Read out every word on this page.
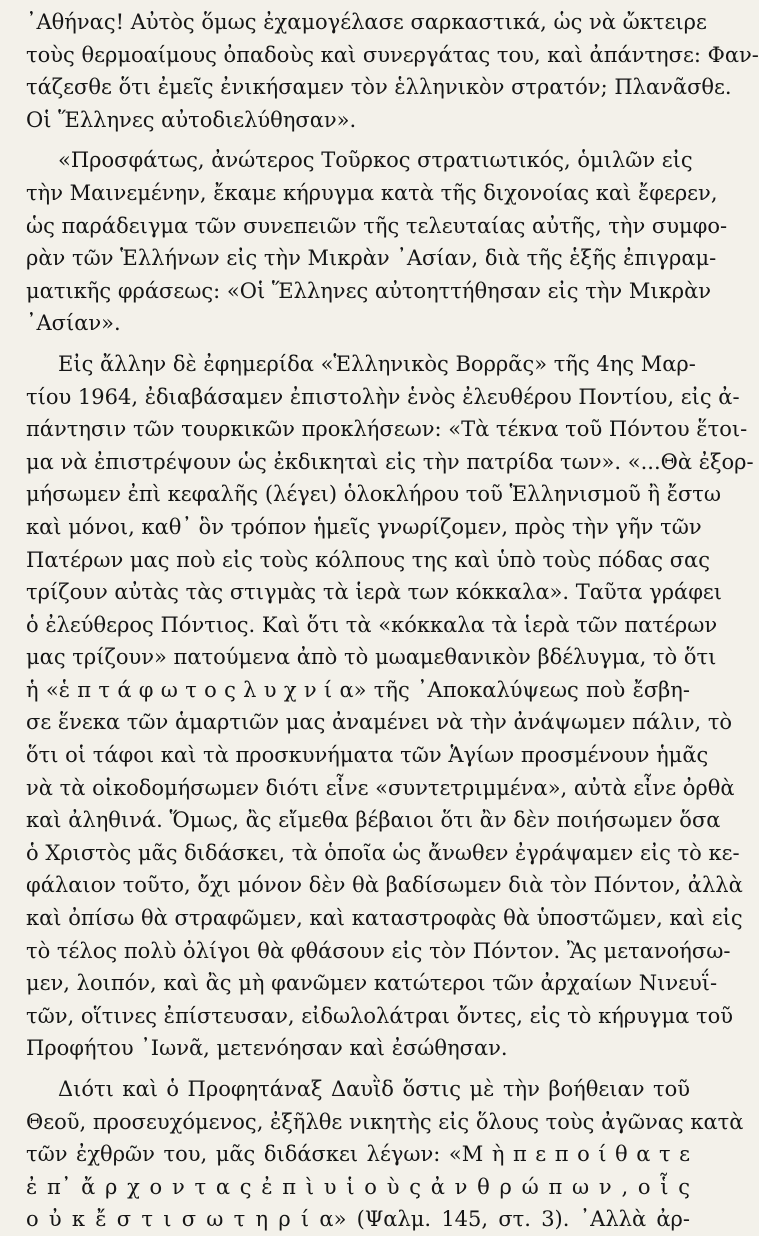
᾿Αθήνας! Αὐτὸς ὅμως ἐχαμογέλασε σαρκαστικά, ὡς νὰ ὤκτειρε
τοὺς θερμοαίμους ὀπαδοὺς καὶ συνεργάτας του, καὶ ἀπάντησε: Φαν-
τάζεσθε ὅτι ἐμεῖς ἐνικήσαμεν τὸν ἑλληνικὸν στρατόν; Πλανᾶσθε.
Οἱ Ἕλληνες αὐτοδιελύθησαν».
«Προσφάτως, ἀνώτερος Τοῦρκος στρατιωτικός, ὁμιλῶν εἰς
τὴν Μαινεμένην, ἔκαμε κήρυγμα κατὰ τῆς διχονοίας καὶ ἔφερεν,
ὡς παράδειγμα τῶν συνεπειῶν τῆς τελευταίας αὐτῆς, τὴν συμφο-
ρὰν τῶν Ἑλλήνων εἰς τὴν Μικρὰν ᾿Ασίαν, διὰ τῆς ἑξῆς ἐπιγραμ-
ματικῆς φράσεως: «Οἱ Ἕλληνες αὐτοηττήθησαν εἰς τὴν Μικρὰν
᾿Ασίαν».
Εἰς ἄλλην δὲ ἐφημερίδα «Ἑλληνικὸς Βορρᾶς» τῆς 4ης Μαρ-
τίου 1964, ἐδιαβάσαμεν ἐπιστολὴν ἑνὸς ἐλευθέρου Ποντίου, εἰς ἀ-
πάντησιν τῶν τουρκικῶν προκλήσεων: «Τὰ τέκνα τοῦ Πόντου ἕτοι-
μα νὰ ἐπιστρέψουν ὡς ἐκδικηταὶ εἰς τὴν πατρίδα των». «...Θὰ ἐξορ-
μήσωμεν ἐπὶ κεφαλῆς (λέγει) ὁλοκλήρου τοῦ Ἑλληνισμοῦ ἢ ἔστω
καὶ μόνοι, καθ᾿ ὃν τρόπον ἡμεῖς γνωρίζομεν, πρὸς τὴν γῆν τῶν
Πατέρων μας ποὺ εἰς τοὺς κόλπους της καὶ ὑπὸ τοὺς πόδας σας
τρίζουν αὐτὰς τὰς στιγμὰς τὰ ἱερὰ των κόκκαλα». Ταῦτα γράφει
ὁ ἐλεύθερος Πόντιος. Καὶ ὅτι τὰ «κόκκαλα τὰ ἱερὰ τῶν πατέρων
μας τρίζουν» πατούμενα ἀπὸ τὸ μωαμεθανικὸν βδέλυγμα, τὸ ὅτι
ἡ «ἑ π τ ά φ ω τ ο ς λ υ χ ν ί α» τῆς ᾿Αποκαλύψεως ποὺ ἔσβη-
σε ἕνεκα τῶν ἁμαρτιῶν μας ἀναμένει νὰ τὴν ἀνάψωμεν πάλιν, τὸ
ὅτι οἱ τάφοι καὶ τὰ προσκυνήματα τῶν Ἁγίων προσμένουν ἡμᾶς
νὰ τὰ οἰκοδομήσωμεν διότι εἶνε «συντετριμμένα», αὐτὰ εἶνε ὀρθὰ
καὶ ἀληθινά. Ὅμως, ἂς εἴμεθα βέβαιοι ὅτι ἂν δὲν ποιήσωμεν ὅσα
ὁ Χριστὸς μᾶς διδάσκει, τὰ ὁποῖα ὡς ἄνωθεν ἐγράψαμεν εἰς τὸ κε-
φάλαιον τοῦτο, ὄχι μόνον δὲν θὰ βαδίσωμεν διὰ τὸν Πόντον, ἀλλὰ
καὶ ὀπίσω θὰ στραφῶμεν, καὶ καταστροφὰς θὰ ὑποστῶμεν, καὶ εἰς
τὸ τέλος πολὺ ὀλίγοι θὰ φθάσουν εἰς τὸν Πόντον. Ἂς μετανοήσω-
μεν, λοιπόν, καὶ ἂς μὴ φανῶμεν κατώτεροι τῶν ἀρχαίων Νινευΐ-
τῶν, οἵτινες ἐπίστευσαν, εἰδωλολάτραι ὄντες, εἰς τὸ κήρυγμα τοῦ
Προφήτου ᾿Ιωνᾶ, μετενόησαν καὶ ἐσώθησαν.
Διότι καὶ ὁ Προφητάναξ Δαυῒδ ὅστις μὲ τὴν βοήθειαν τοῦ
Θεοῦ, προσευχόμενος, ἐξῆλθε νικητὴς εἰς ὅλους τοὺς ἀγῶνας κατὰ
τῶν ἐχθρῶν του, μᾶς διδάσκει λέγων: «Μ ὴ π ε π ο ί θ α τ ε
ἐ π᾿ ἄ ρ χ ο ν τ α ς ἐ π ὶ υ ἱ ο ὺ ς ἀ ν θ ρ ώ π ω ν , ο ἷ ς
ο ὐ κ ἔ σ τ ι σ ω τ η ρ ί α» (Ψαλμ. 145, στ. 3). ᾿Αλλὰ ἀρ-
